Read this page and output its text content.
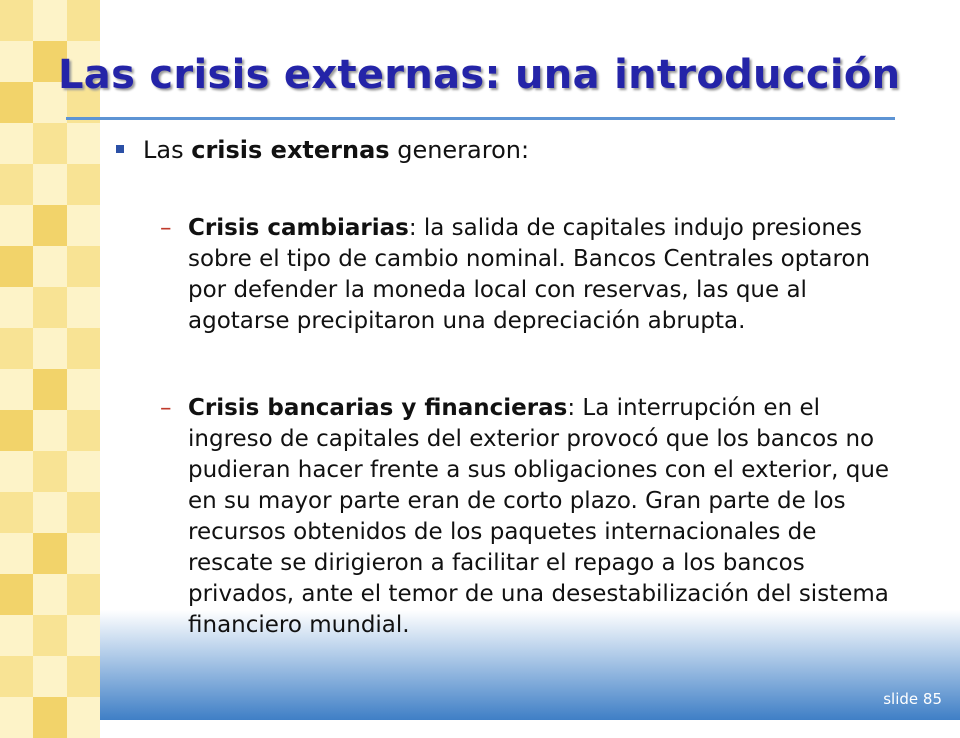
Las crisis externas: una introducción
Las crisis externas generaron:
– Crisis cambiarias: la salida de capitales indujo presiones sobre el tipo de cambio nominal. Bancos Centrales optaron por defender la moneda local con reservas, las que al agotarse precipitaron una depreciación abrupta.

– Crisis bancarias y financieras: La interrupción en el ingreso de capitales del exterior provocó que los bancos no pudieran hacer frente a sus obligaciones con el exterior, que en su mayor parte eran de corto plazo. Gran parte de los recursos obtenidos de los paquetes internacionales de rescate se dirigieron a facilitar el repago a los bancos privados, ante el temor de una desestabilización del sistema financiero mundial.

slide 85
